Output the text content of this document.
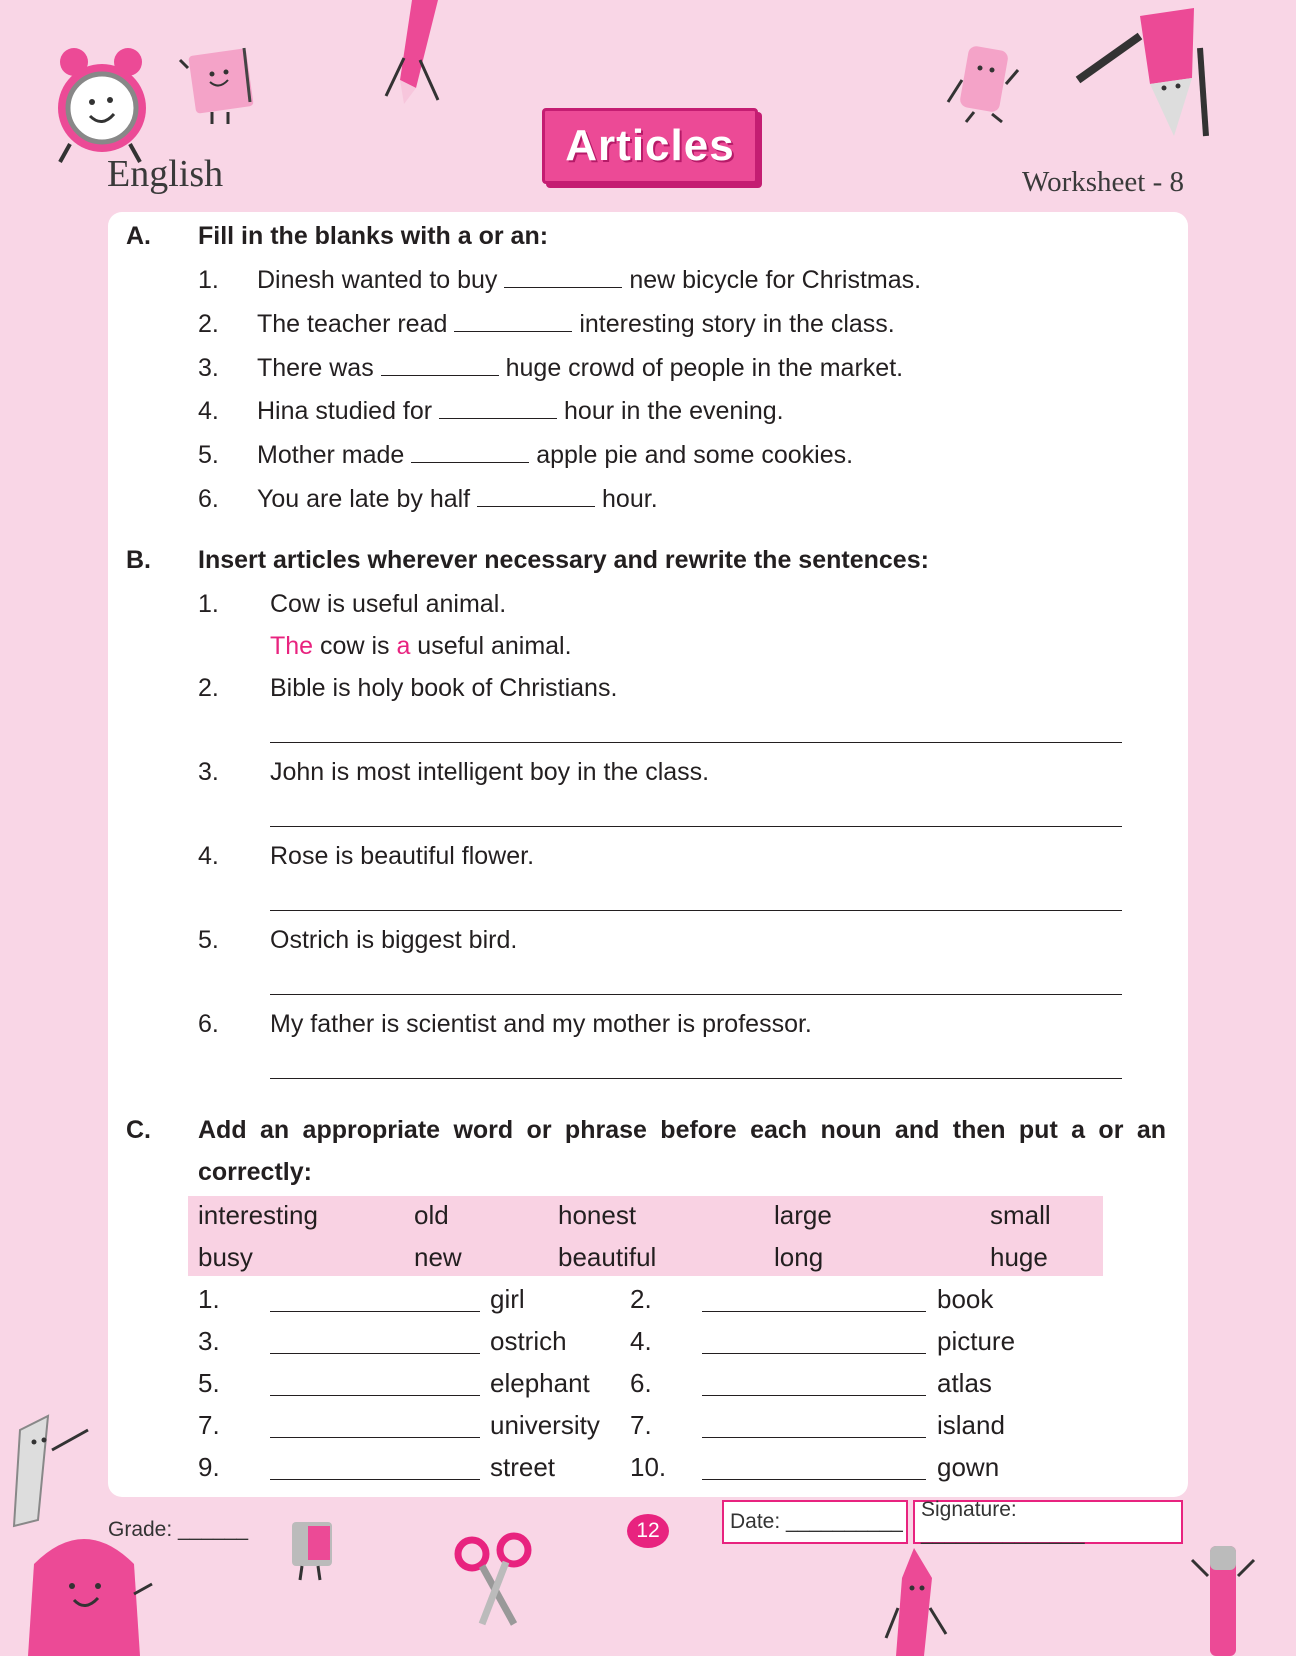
English
Articles
Worksheet - 8
A. Fill in the blanks with a or an:
1. Dinesh wanted to buy	new bicycle for Christmas.
2. The teacher read	interesting story in the class.
3. There was	huge crowd of people in the market.
4. Hina studied for	hour in the evening.
5. Mother made	apple pie and some cookies.
6. You are late by half	hour.
B. Insert articles wherever necessary and rewrite the sentences:
1. Cow is useful animal.
The cow is a useful animal.
2. Bible is holy book of Christians.
3. John is most intelligent boy in the class.
4. Rose is beautiful flower.
5. Ostrich is biggest bird.
6. My father is scientist and my mother is professor.
C. Add an appropriate word or phrase before each noun and then put a or an
correctly:
interesting	old	honest	large	small
busy	new	beautiful	long	huge
1.	girl	2.	book
3.	ostrich 4.	picture
5.	elephant 6.	atlas
7.	university 7.	island
9.	street	10.	gown
Grade: ______	12	Date: __________
Signature: ______________
